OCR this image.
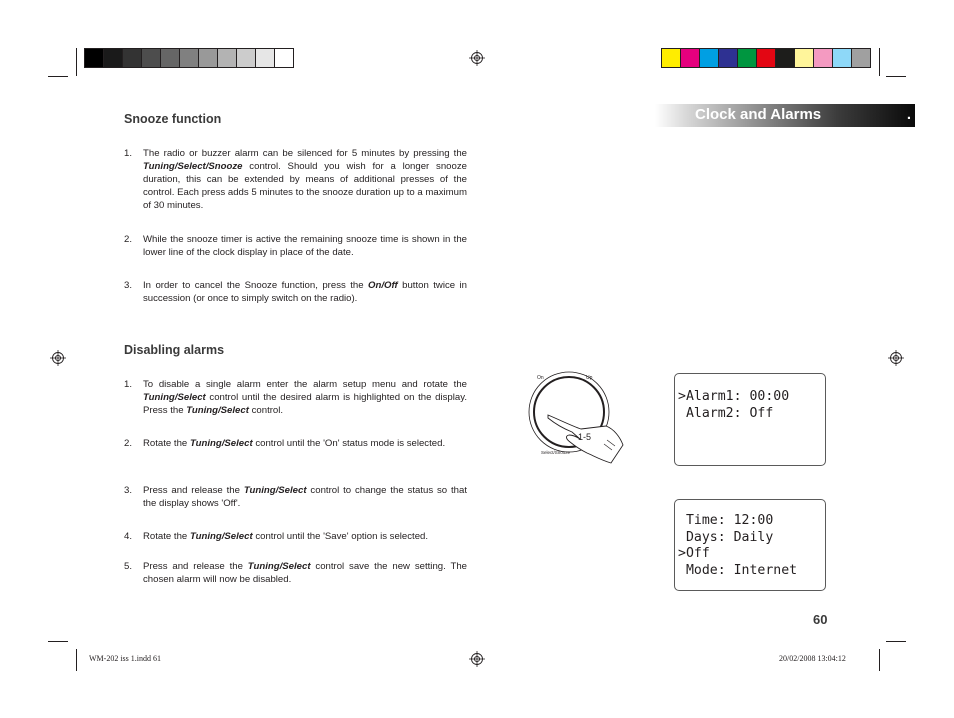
Clock and Alarms	.
Snooze function
1. The radio or buzzer alarm can be silenced for 5 minutes by pressing the Tuning/Select/Snooze control. Should you wish for a longer snooze duration, this can be extended by means of additional presses of the control. Each press adds 5 minutes to the snooze duration up to a maximum of 30 minutes.
2. While the snooze timer is active the remaining snooze time is shown in the lower line of the clock display in place of the date.
3. In order to cancel the Snooze function, press the On/Off button twice in succession (or once to simply switch on the radio).
Disabling alarms
1. To disable a single alarm enter the alarm setup menu and rotate the Tuning/Select control until the desired alarm is highlighted on the display. Press the Tuning/Select control.
2. Rotate the Tuning/Select control until the 'On' status mode is selected.
3. Press and release the Tuning/Select control to change the status so that the display shows 'Off'.
4. Rotate the Tuning/Select control until the 'Save' option is selected.
5. Press and release the Tuning/Select control save the new setting. The chosen alarm will now be disabled.
On	Up
Select/Snooze
1-5
>Alarm1: 00:00
Alarm2: Off
Time: 12:00
Days: Daily
>Off
Mode: Internet
60
WM-202 iss 1.indd 61	20/02/2008 13:04:12
